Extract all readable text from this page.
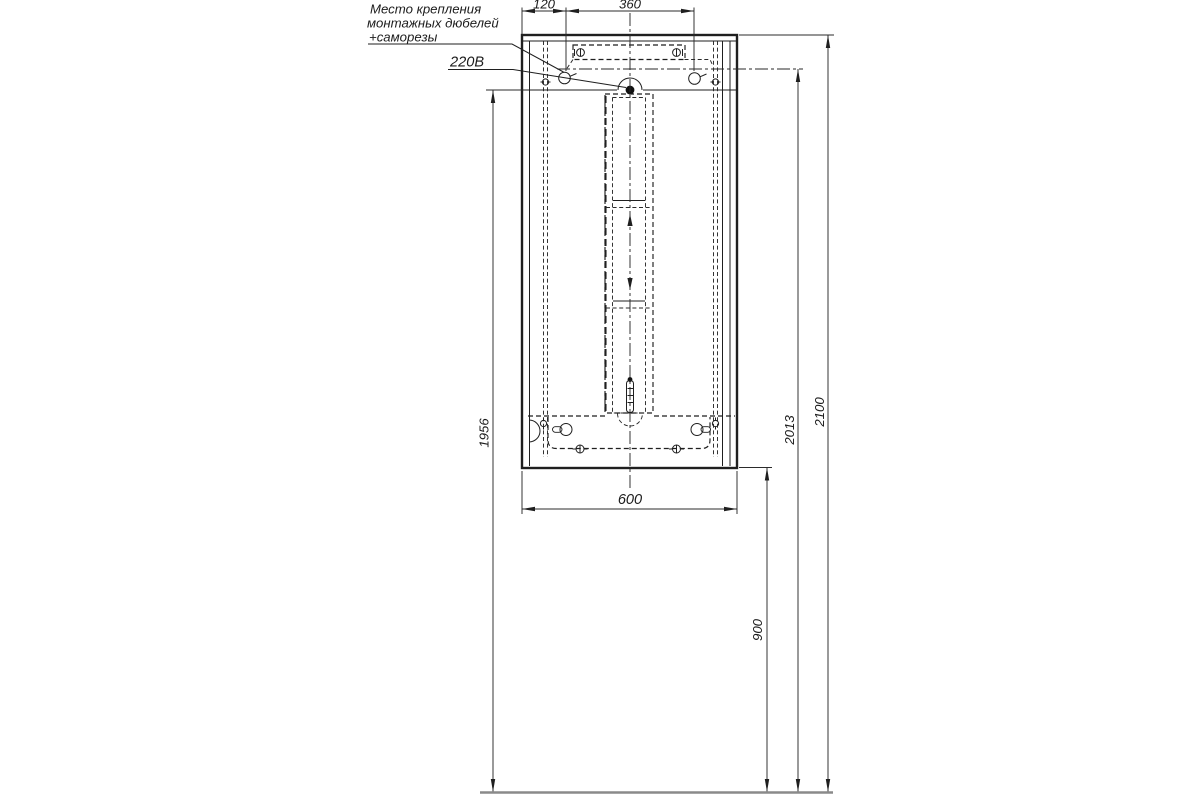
120	360
600
1956
900
2013
2100
Место крепления
монтажных дюбелей
+саморезы
220В
